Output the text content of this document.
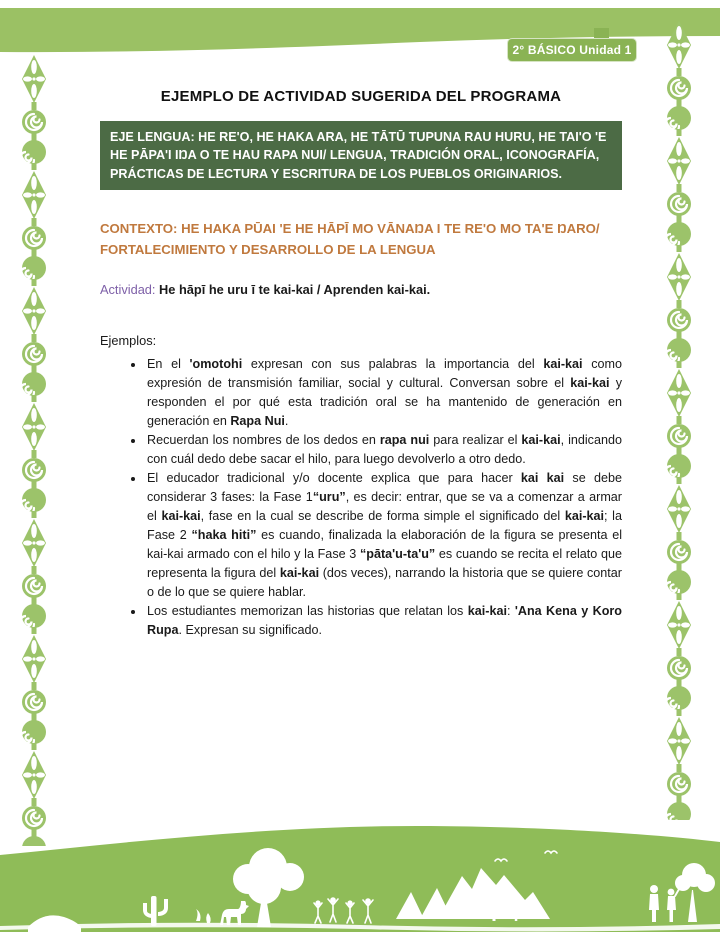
2° BÁSICO Unidad 1
EJEMPLO DE ACTIVIDAD SUGERIDA DEL PROGRAMA
EJE LENGUA: HE RE'O, HE HAKA ARA, HE TĀTŪ TUPUNA RAU HURU, HE TAI'O 'E HE PĀPA'I IŊA O TE HAU RAPA NUI/ LENGUA, TRADICIÓN ORAL, ICONOGRAFÍA, PRÁCTICAS DE LECTURA Y ESCRITURA DE LOS PUEBLOS ORIGINARIOS.
CONTEXTO: HE HAKA PŪAI 'E HE HĀPĪ MO VĀNAŊA I TE RE'O MO TA'E ŊARO/ FORTALECIMIENTO Y DESARROLLO DE LA LENGUA
Actividad: He hāpī he uru ī te kai-kai / Aprenden kai-kai.
Ejemplos:
• En el 'omotohi expresan con sus palabras la importancia del kai-kai como expresión de transmisión familiar, social y cultural. Conversan sobre el kai-kai y responden el por qué esta tradición oral se ha mantenido de generación en generación en Rapa Nui.
• Recuerdan los nombres de los dedos en rapa nui para realizar el kai-kai, indicando con cuál dedo debe sacar el hilo, para luego devolverlo a otro dedo.
• El educador tradicional y/o docente explica que para hacer kai kai se debe considerar 3 fases: la Fase 1“uru”, es decir: entrar, que se va a comenzar a armar el kai-kai, fase en la cual se describe de forma simple el significado del kai-kai; la Fase 2 “haka hiti” es cuando, finalizada la elaboración de la figura se presenta el kai-kai armado con el hilo y la Fase 3 “pāta'u-ta'u” es cuando se recita el relato que representa la figura del kai-kai (dos veces), narrando la historia que se quiere contar o de lo que se quiere hablar.
• Los estudiantes memorizan las historias que relatan los kai-kai: 'Ana Kena y Koro Rupa. Expresan su significado.
